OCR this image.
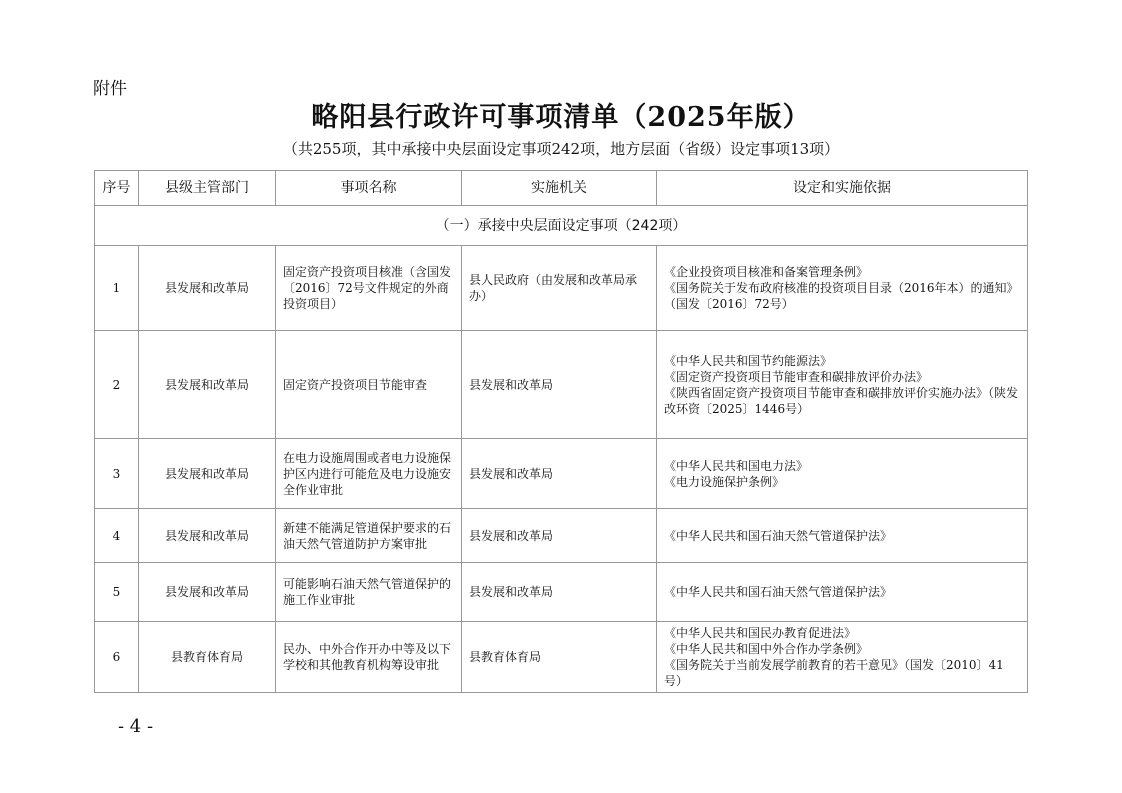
附件
略阳县行政许可事项清单（2025年版）
（共255项，其中承接中央层面设定事项242项，地方层面（省级）设定事项13项）
序号	县级主管部门	事项名称	实施机关	设定和实施依据
（一）承接中央层面设定事项（242项）				
1	县发展和改革局	固定资产投资项目核准（含国发〔2016〕72号文件规定的外商投资项目）	县人民政府（由发展和改革局承办）	《企业投资项目核准和备案管理条例》
《国务院关于发布政府核准的投资项目目录（2016年本）的通知》（国发〔2016〕72号）

2	县发展和改革局	固定资产投资项目节能审查	县发展和改革局	《中华人民共和国节约能源法》
《固定资产投资项目节能审查和碳排放评价办法》
《陕西省固定资产投资项目节能审查和碳排放评价实施办法》（陕发改环资〔2025〕1446号）

3	县发展和改革局	在电力设施周围或者电力设施保护区内进行可能危及电力设施安全作业审批	县发展和改革局	《中华人民共和国电力法》
《电力设施保护条例》

4	县发展和改革局	新建不能满足管道保护要求的石油天然气管道防护方案审批	县发展和改革局	《中华人民共和国石油天然气管道保护法》

5	县发展和改革局	可能影响石油天然气管道保护的施工作业审批	县发展和改革局	《中华人民共和国石油天然气管道保护法》

6	县教育体育局	民办、中外合作开办中等及以下学校和其他教育机构筹设审批	县教育体育局	《中华人民共和国民办教育促进法》
《中华人民共和国中外合作办学条例》
《国务院关于当前发展学前教育的若干意见》（国发〔2010〕41号）
- 4 -
